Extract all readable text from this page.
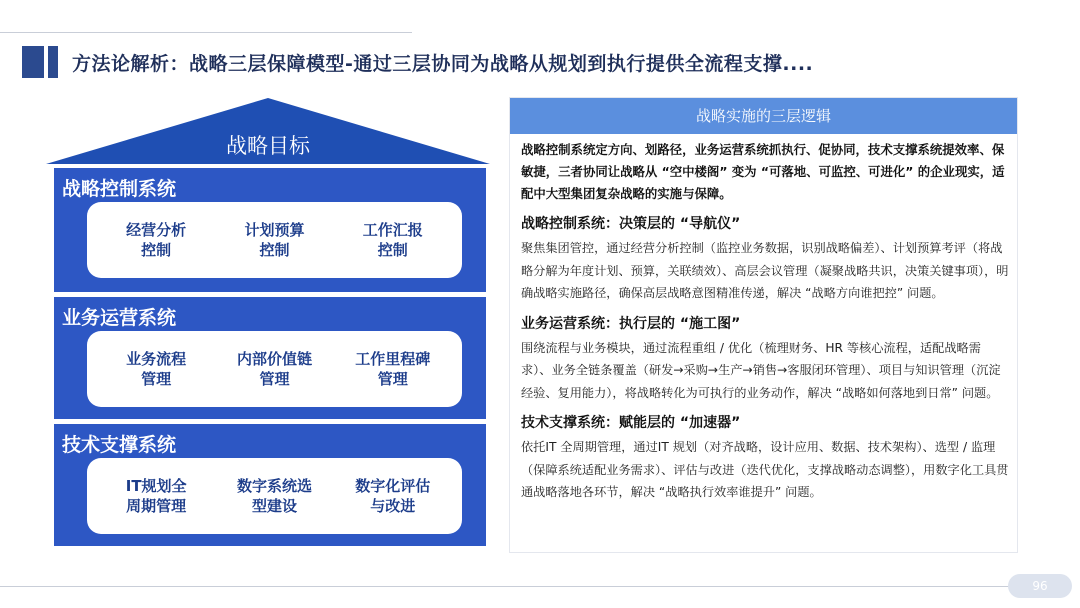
方法论解析：战略三层保障模型-通过三层协同为战略从规划到执行提供全流程支撑....
战略目标
战略控制系统
经营分析
控制
计划预算
控制
工作汇报
控制
业务运营系统
业务流程
管理
内部价值链
管理
工作里程碑
管理
技术支撑系统
IT规划全
周期管理
数字系统选
型建设
数字化评估
与改进
战略实施的三层逻辑
战略控制系统定方向、划路径，业务运营系统抓执行、促协同，技术支撑系统提效率、保敏捷，三者协同让战略从 “空中楼阁” 变为 “可落地、可监控、可进化” 的企业现实，适配中大型集团复杂战略的实施与保障。
战略控制系统：决策层的 “导航仪”
聚焦集团管控，通过经营分析控制（监控业务数据，识别战略偏差）、计划预算考评（将战略分解为年度计划、预算，关联绩效）、高层会议管理（凝聚战略共识，决策关键事项），明确战略实施路径，确保高层战略意图精准传递，解决 “战略方向谁把控” 问题。
业务运营系统：执行层的 “施工图”
围绕流程与业务模块，通过流程重组 / 优化（梳理财务、HR 等核心流程，适配战略需求）、业务全链条覆盖（研发→采购→生产→销售→客服闭环管理）、项目与知识管理（沉淀经验、复用能力），将战略转化为可执行的业务动作，解决 “战略如何落地到日常” 问题。
技术支撑系统：赋能层的 “加速器”
依托IT 全周期管理，通过IT 规划（对齐战略，设计应用、数据、技术架构）、选型 / 监理（保障系统适配业务需求）、评估与改进（迭代优化，支撑战略动态调整），用数字化工具贯通战略落地各环节，解决 “战略执行效率谁提升” 问题。
96
